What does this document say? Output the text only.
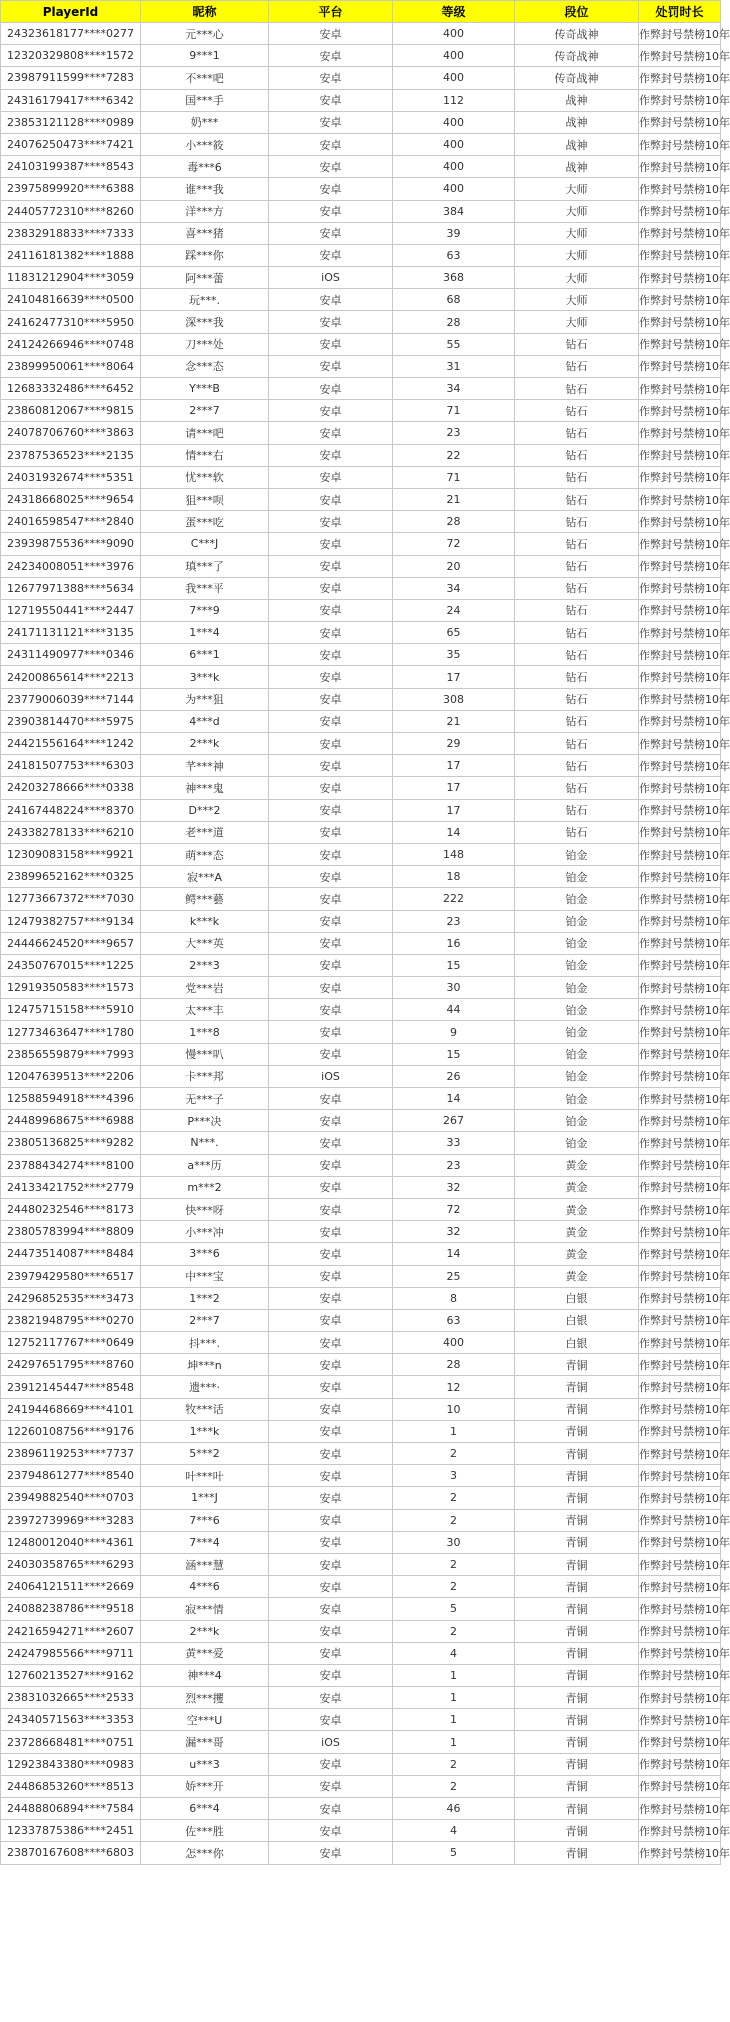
PlayerId	昵称	平台	等级	段位	处罚时长
24323618177****0277	元***心	安卓	400	传奇战神	作弊封号禁榜10年
12320329808****1572	9***1	安卓	400	传奇战神	作弊封号禁榜10年
23987911599****7283	不***吧	安卓	400	传奇战神	作弊封号禁榜10年
24316179417****6342	国***手	安卓	112	战神	作弊封号禁榜10年
23853121128****0989	奶***	安卓	400	战神	作弊封号禁榜10年
24076250473****7421	小***筱	安卓	400	战神	作弊封号禁榜10年
24103199387****8543	毒***6	安卓	400	战神	作弊封号禁榜10年
23975899920****6388	谁***我	安卓	400	大师	作弊封号禁榜10年
24405772310****8260	洋***方	安卓	384	大师	作弊封号禁榜10年
23832918833****7333	喜***猪	安卓	39	大师	作弊封号禁榜10年
24116181382****1888	踩***你	安卓	63	大师	作弊封号禁榜10年
11831212904****3059	阿***蕾	iOS	368	大师	作弊封号禁榜10年
24104816639****0500	玩***.	安卓	68	大师	作弊封号禁榜10年
24162477310****5950	深***我	安卓	28	大师	作弊封号禁榜10年
24124266946****0748	刀***处	安卓	55	钻石	作弊封号禁榜10年
23899950061****8064	念***态	安卓	31	钻石	作弊封号禁榜10年
12683332486****6452	Y***B	安卓	34	钻石	作弊封号禁榜10年
23860812067****9815	2***7	安卓	71	钻石	作弊封号禁榜10年
24078706760****3863	请***吧	安卓	23	钻石	作弊封号禁榜10年
23787536523****2135	情***右	安卓	22	钻石	作弊封号禁榜10年
24031932674****5351	忧***软	安卓	71	钻石	作弊封号禁榜10年
24318668025****9654	狙***呗	安卓	21	钻石	作弊封号禁榜10年
24016598547****2840	蛋***吃	安卓	28	钻石	作弊封号禁榜10年
23939875536****9090	C***J	安卓	72	钻石	作弊封号禁榜10年
24234008051****3976	瑱***了	安卓	20	钻石	作弊封号禁榜10年
12677971388****5634	我***平	安卓	34	钻石	作弊封号禁榜10年
12719550441****2447	7***9	安卓	24	钻石	作弊封号禁榜10年
24171131121****3135	1***4	安卓	65	钻石	作弊封号禁榜10年
24311490977****0346	6***1	安卓	35	钻石	作弊封号禁榜10年
24200865614****2213	3***k	安卓	17	钻石	作弊封号禁榜10年
23779006039****7144	为***狙	安卓	308	钻石	作弊封号禁榜10年
23903814470****5975	4***d	安卓	21	钻石	作弊封号禁榜10年
24421556164****1242	2***k	安卓	29	钻石	作弊封号禁榜10年
24181507753****6303	芊***神	安卓	17	钻石	作弊封号禁榜10年
24203278666****0338	神***鬼	安卓	17	钻石	作弊封号禁榜10年
24167448224****8370	D***2	安卓	17	钻石	作弊封号禁榜10年
24338278133****6210	老***道	安卓	14	钻石	作弊封号禁榜10年
12309083158****9921	萌***态	安卓	148	铂金	作弊封号禁榜10年
23899652162****0325	寂***A	安卓	18	铂金	作弊封号禁榜10年
12773667372****7030	鳄***藝	安卓	222	铂金	作弊封号禁榜10年
12479382757****9134	k***k	安卓	23	铂金	作弊封号禁榜10年
24446624520****9657	大***英	安卓	16	铂金	作弊封号禁榜10年
24350767015****1225	2***3	安卓	15	铂金	作弊封号禁榜10年
12919350583****1573	党***岩	安卓	30	铂金	作弊封号禁榜10年
12475715158****5910	太***丰	安卓	44	铂金	作弊封号禁榜10年
12773463647****1780	1***8	安卓	9	铂金	作弊封号禁榜10年
23856559879****7993	慢***叭	安卓	15	铂金	作弊封号禁榜10年
12047639513****2206	卡***邦	iOS	26	铂金	作弊封号禁榜10年
12588594918****4396	无***子	安卓	14	铂金	作弊封号禁榜10年
24489968675****6988	P***决	安卓	267	铂金	作弊封号禁榜10年
23805136825****9282	N***.	安卓	33	铂金	作弊封号禁榜10年
23788434274****8100	a***历	安卓	23	黄金	作弊封号禁榜10年
24133421752****2779	m***2	安卓	32	黄金	作弊封号禁榜10年
24480232546****8173	快***呀	安卓	72	黄金	作弊封号禁榜10年
23805783994****8809	小***冲	安卓	32	黄金	作弊封号禁榜10年
24473514087****8484	3***6	安卓	14	黄金	作弊封号禁榜10年
23979429580****6517	中***宝	安卓	25	黄金	作弊封号禁榜10年
24296852535****3473	1***2	安卓	8	白银	作弊封号禁榜10年
23821948795****0270	2***7	安卓	63	白银	作弊封号禁榜10年
12752117767****0649	抖***.	安卓	400	白银	作弊封号禁榜10年
24297651795****8760	坤***n	安卓	28	青铜	作弊封号禁榜10年
23912145447****8548	遗***·	安卓	12	青铜	作弊封号禁榜10年
24194468669****4101	牧***话	安卓	10	青铜	作弊封号禁榜10年
12260108756****9176	1***k	安卓	1	青铜	作弊封号禁榜10年
23896119253****7737	5***2	安卓	2	青铜	作弊封号禁榜10年
23794861277****8540	叶***叶	安卓	3	青铜	作弊封号禁榜10年
23949882540****0703	1***J	安卓	2	青铜	作弊封号禁榜10年
23972739969****3283	7***6	安卓	2	青铜	作弊封号禁榜10年
12480012040****4361	7***4	安卓	30	青铜	作弊封号禁榜10年
24030358765****6293	涵***慧	安卓	2	青铜	作弊封号禁榜10年
24064121511****2669	4***6	安卓	2	青铜	作弊封号禁榜10年
24088238786****9518	寂***情	安卓	5	青铜	作弊封号禁榜10年
24216594271****2607	2***k	安卓	2	青铜	作弊封号禁榜10年
24247985566****9711	黄***爱	安卓	4	青铜	作弊封号禁榜10年
12760213527****9162	神***4	安卓	1	青铜	作弊封号禁榜10年
23831032665****2533	烈***攫	安卓	1	青铜	作弊封号禁榜10年
24340571563****3353	空***U	安卓	1	青铜	作弊封号禁榜10年
23728668481****0751	漏***哥	iOS	1	青铜	作弊封号禁榜10年
12923843380****0983	u***3	安卓	2	青铜	作弊封号禁榜10年
24486853260****8513	娇***开	安卓	2	青铜	作弊封号禁榜10年
24488806894****7584	6***4	安卓	46	青铜	作弊封号禁榜10年
12337875386****2451	佐***胜	安卓	4	青铜	作弊封号禁榜10年
23870167608****6803	怎***你	安卓	5	青铜	作弊封号禁榜10年
